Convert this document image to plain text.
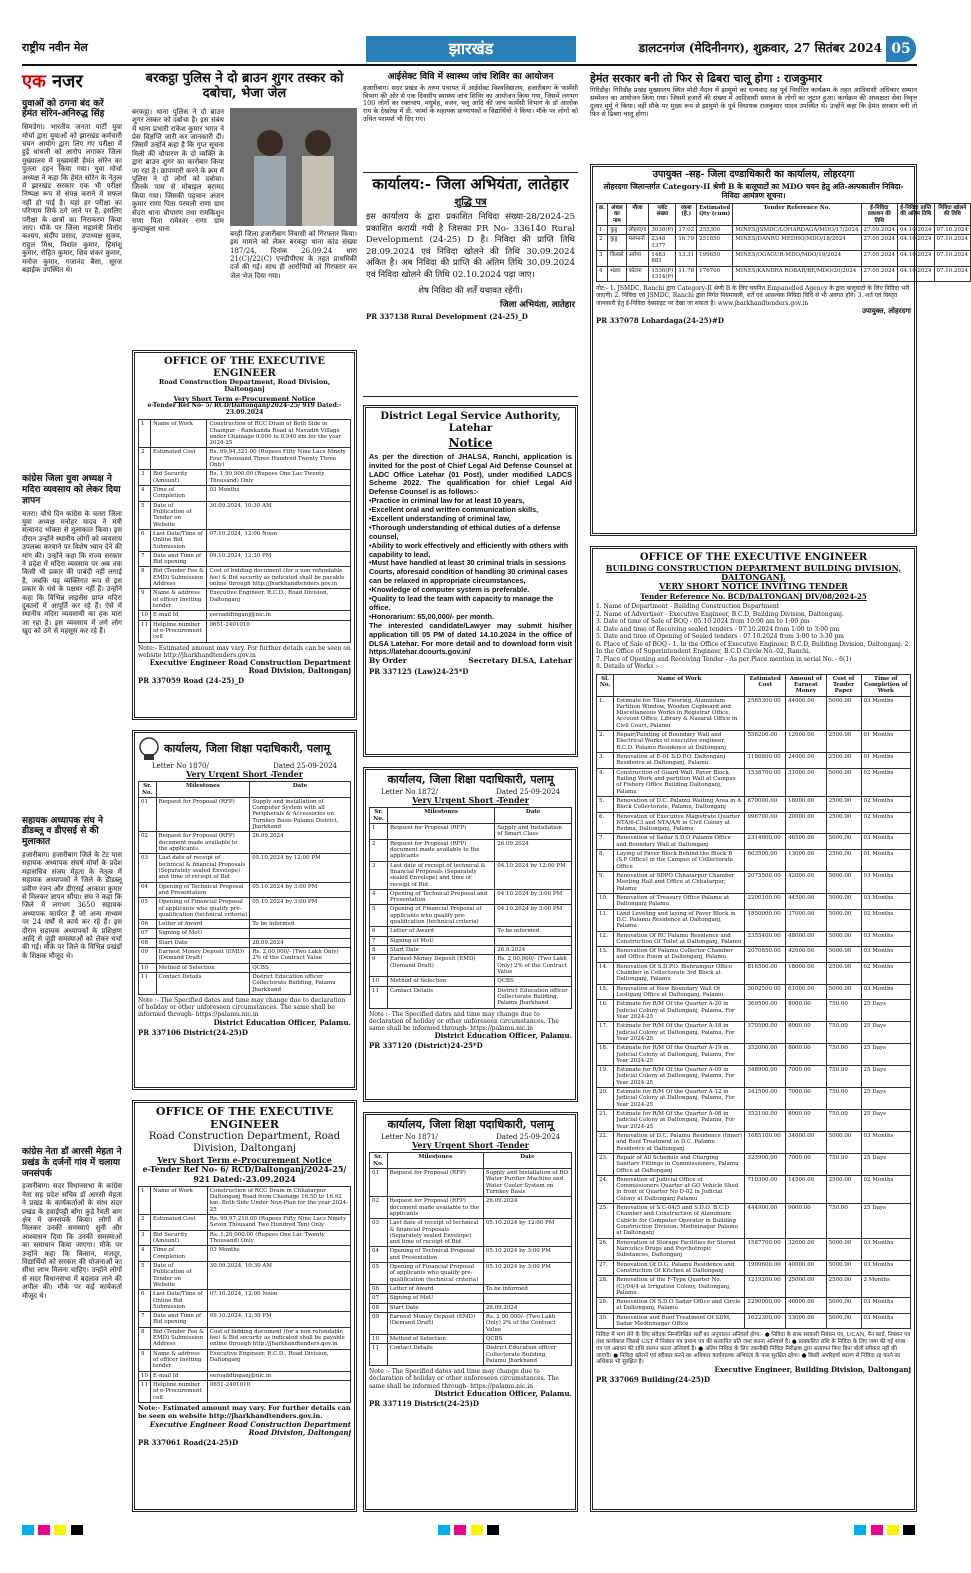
राष्ट्रीय नवीन मेल	झारखंड	डालटनगंज (मेदिनीनगर), शुक्रवार, 27 सितंबर 2024 05
एक नजर
युवाओं को ठगना बंद करें हेमंत सोरेन-अनिरुद्ध सिंह
सिमडेगा। भारतीय जनता पार्टी युवा मोर्चा द्वारा युवाओं को झारखंड कर्मचारी चयन आयोग द्वारा लिए गए परीक्षा में हुई धांधली को आरोप लगाकर जिला मुख्यालय में मुख्यमंत्री हेमंत सोरेन का पुतला दहन किया गया। युवा मोर्चा अध्यक्ष ने कहा कि हेमंत सोरेन के नेतृत्व में झारखंड सरकार एक भी परीक्षा निष्पक्ष रूप से संपन्न कराने में सफल नहीं हो पाई है। यहां हर परीक्षा का परिणाम सिर्फ ठगे जाने पर है, इसलिए परीक्षा के छात्रों का निराकरण किया जाए। मौके पर जिला महामंत्री विनोद कश्यप, संदीप प्रसाद, उपाध्यक्ष सुजय, राहुल मिश्र, निशांत कुमार, हिमांशु कुमार, रोहित कुमार, शिव शंकर कुमार, मनोज कुमार, गजानंद बैसा, सूरज बड़ाईक उपस्थित थे।
कांग्रेस जिला युवा अध्यक्ष ने मदिरा व्यवसाय को लेकर दिया ज्ञापन
चतरा। चौथे दिन कांग्रेस के चतरा जिला युवा अध्यक्ष मनोहर यादव ने मंत्री सत्यानंद भोक्ता से मुलाकात किया। इस दौरान उन्होंने स्थानीय लोगों को व्यवसाय उपलब्ध करवाने पर विशेष ध्यान देने की मांग की। उन्होंने कहा कि राज्य सरकार ने प्रदेश में मदिरा व्यवसाय पर अब तक किसी भी प्रकार की पाबंदी नहीं लगाई है, जबकि यह व्यक्तिगत रूप से इस प्रकार के धंधे के पक्षधर नहीं हैं। उन्होंने कहा कि विभिन्न लाइसेंस प्राप्त मदिरा दुकानों में आपूर्ति कर रहे हैं। ऐसे में स्थानीय मदिरा व्यवसायी का हक मारा जा रहा है। इस व्यवसाय में लगे लोग खुद को ठगे से महसूस कर रहे हैं।
सहायक अध्यापक संघ ने डीडब्लू व डीएसई से की मुलाकात
हजारीबाग। हजारीबाग जिले के टेट पास सहायक अध्यापक संघर्ष मोर्चा के प्रदेश महासचिव संजय मेहता के नेतृत्व में सहायक अध्यापकों ने जिले के डीडब्लू प्रवीण रंजन और डीएसई आकाश कुमार से मिलकर ज्ञापन सौंपा। संघ ने कहा कि जिले में लगभग 3650 सहायक अध्यापक कार्यरत हैं जो अन्य माध्यम पर 24 वर्षों से कार्य कर रहे हैं। इस दौरान सहायक अध्यापकों के प्रशिक्षण आदि से जुड़ी समस्याओं को लेकर चर्चा की गई। मौके पर जिले के विभिन्न प्रखंडों के शिक्षक मौजूद थे।
कांग्रेस नेता डॉ आरसी मेहता ने प्रखंड के दर्जनों गांव में चलाया जनसंपर्क
हजारीबाग। सदर विधानसभा के कांग्रेस नेता सह प्रदेश सचिव डॉ आरसी मेहता ने प्रखंड के कार्यकर्ताओं के साथ सदर प्रखंड के हवाईपट्टी बोंगा कुंडे रैयती बाग क्षेत्र में जनसंपर्क किया। लोगों से मिलकर उनकी समस्याएं सुनी और आश्वासन दिया कि उनकी समस्याओं का समाधान किया जाएगा। मौके पर उन्होंने कहा कि किसान, मजदूर, विद्यार्थियों को सरकार की योजनाओं का सीधा लाभ मिलना चाहिए। उन्होंने लोगों से सदर विधानसभा में बदलाव लाने की अपील की। मौके पर कई कार्यकर्ता मौजूद थे।
बरकट्ठा पुलिस ने दो ब्राउन शुगर तस्कर को दबोचा, भेजा जेल
बरकट्ठा। थाना पुलिस ने दो ब्राउन शुगर तस्कर को दबोचा है। इस संबंध में थाना प्रभारी राकेश कुमार भगत ने प्रेस विज्ञप्ति जारी कर जानकारी दी। जिसमें उन्होंने कहा है कि गुप्त सूचना मिली की चौपारण के दो व्यक्ति के द्वारा ब्राउन शुगर का कारोबार किया जा रहा है। छापामारी करने के क्रम में पुलिस ने दो लोगों को दबोचा। जिनके पास से मोबाइल बरामद किया गया। जिसकी पहचान अंजन कुमार राणा पिता परमली राणा ग्राम सेंदरा थाना चौपारण तथा रामकिशुन राणा पिता रामेश्वर राणा ग्राम कुन्दाबुला थाना
बरही जिला हजारीबाग निवासी को गिरफ्तार किया। इस मामले को लेकर बरकट्ठा थाना कांड संख्या 187/24, दिनांक 26.09.24 धारा 21(C)/22(C) एनडीपीएस के तहत प्राथमिकी दर्ज की गई। साथ ही आरोपियों को गिरफ्तार कर जेल भेज दिया गया।
OFFICE OF THE EXECUTIVE ENGINEER
Road Construction Department, Road Division, Daltonganj
Very Short Term e-Procurement Notice
e-Tender Ref No- 5/ RCD/Daltonganj/2024-25/ 919 Dated:- 23.09.2024
1	Name of Work	Construction of RCC Drain of Both Side in Chainpur - Ramkanda Road at Navadih Village under Chainage 0.000 to 0.940 km for the year 2024-25
2	Estimated Cost	Rs. 99,94,321.00 (Rupees Fifty Nine Lacs Ninety Four Thousand Three Hundred Twenty Three Only)
3	Bid Security (Amount)	Rs. 1,99,900.00 (Rupees One Lac Twenty Thousand) Only
4	Time of Completion	03 Months
5	Date of Publication of Tender on Website	30.09.2024, 10:30 AM
6	Last Date/Time of Online Bid Submission	07.10.2024, 12:00 Noon
7	Date and Time of Bid opening	09.10.2024, 12:30 PM
8	Bid (Tender Fee & EMD) Submission Address	Cost of bidding document (for a non refundable fee) & Bid security as indicated shall be payable online through http://jharkhandtenders.gov.in
9	Name & address of officer Inviting tender	Executive Engineer, R.C.D., Road Division, Daltonganj
10	E-mail Id	eeroaddtnganj@nic.in
11	Helpline number of e-Procurement cell	0651-2401010
Note:- Estimated amount may vary. For further details can be seen on website http://jharkhandtenders.gov.in
Executive Engineer Road Construction Department Road Division, Daltonganj
PR 337059 Road (24-25)_D
कार्यालय, जिला शिक्षा पदाधिकारी, पलामू
Letter No 1870/	Dated 25-09-2024
Very Urgent Short -Tender
Sr. No.	Milestones	Date
01	Request for Proposal (RFP)	Supply and installation of Computer System with all Peripherals & Accessories on Turnkey Basis Palamu District, Jharkhand
02	Request for Proposal (RFP) document made available to the applicants	26.09.2024
03	Last date of receipt of technical & financial Proposals (Separately sealed Envelope) and time of receipt of Bid	05.10.2024 by 12:00 PM
04	Opening of Technical Proposal and Presentation	05.10.2024 by 3:00 PM
05	Opening of Financial Proposal of applicants who qualify pre-qualification (technical criteria)	05.10.2024 by 3:00 PM
06	Letter of Award	To be informed
07	Signing of MoU	
08	Start Date	28.09.2024
09	Earnest Money Deposit (EMD) (Demand Draft)	Rs. 2,00,000/- (Two Lakh Only) 2% of the Contract Value
10	Method of Selection	QCBS
11	Contact Details	District Education officer Collectorate Building, Palamu Jharkhand
Note :- The Specified dates and time may change due to declaration of holiday or other unforeseen circumstances. The same shall be informed through- https://palamu.nic.in
District Education Officer, Palamu.
PR 337106 District(24-25)D
OFFICE OF THE EXECUTIVE ENGINEER
Road Construction Department, Road Division, Daltonganj
Very Short Term e-Procurement Notice
e-Tender Ref No- 6/ RCD/Daltonganj/2024-25/ 921 Dated:-23.09.2024
1	Name of Work	Construction of RCC Drain in Chhatarpur Daltonganj Road from Chainage 16.50 to 16.92 km. Both Side Under Non-Plan for the year 2024-25
2	Estimated Cost	Rs. 99,97,210.00 (Rupees Fifty Nine Lacs Ninety Seven Thousand Two Hundred Ten) Only
3	Bid Security (Amount)	Rs. 1,20,000.00 (Rupees One Lac Twenty Thousand) Only
4	Time of Completion	03 Months
5	Date of Publication of Tender on Website	30.09.2024, 10:30 AM
6	Last Date/Time of Online Bid Submission	07.10.2024, 12:00 Noon
7	Date and Time of Bid opening	09.10.2024, 12:30 PM
8	Bid (Tender Fee & EMD) Submission Address	Cost of bidding document (for a non refundable fee) & Bid security as indicated shall be payable online through http://jharkhandtenders.gov.in
9	Name & address of officer Inviting tender	Executive Engineer, R.C.D., Road Division, Daltonganj
10	E-mail Id	eeroaddtnganj@nic.in
11	Helpline number of e-Procurement cell	0651-2401010
Note:- Estimated amount may vary. For further details can be seen on website http://jharkhandtenders.gov.in.
Executive Engineer Road Construction Department Road Division, Daltonganj
PR 337061 Road(24-25)D
आईसेक्ट विवि में स्वास्थ्य जांच शिविर का आयोजन
हजारीबाग। सदर प्रखंड के तरुम पंचायत में आईसेक्ट विश्वविद्यालय, हजारीबाग के फार्मेसी विभाग की ओर से एक दिवसीय स्वास्थ्य जांच शिविर का आयोजन किया गया, जिसमें लगभग 100 लोगों का रक्तचाप, मधुमेह, वजन, फ्लू आदि की जांच फार्मेसी विभाग के डॉ आलोक राय के देखरेख में डी. फार्मा के सहायक प्राध्यापकों व विद्यार्थियों ने किया। मौके पर लोगों को उचित परामर्श भी दिए गए।
कार्यालय:- जिला अभियंता, लातेहार
शुद्धि पत्र
इस कार्यालय के द्वारा प्रकाशित निविदा संख्या-28/2024-25 प्रकाशित करायी गयी है जिसका PR No- 336140 Rural Development (24-25) D है। निविदा की प्राप्ति तिथि 28.09.2024 एवं निविदा खोलने की तिथि 30.09.2024 अंकित है। अब निविदा की प्राप्ति की अंतिम तिथि 30.09.2024 एवं निविदा खोलने की तिथि 02.10.2024 पढ़ा जाए।
शेष निविदा की शर्तें यथावत रहेंगी।
जिला अभियंता, लातेहार
PR 337138 Rural Development (24-25)_D
District Legal Service Authority, Latehar
Notice
As per the direction of JHALSA, Ranchi, application is invited for the post of Chief Legal Aid Defense Counsel at LADC Office Latehar (01 Post), under modified LADCS Scheme 2022. The qualification for chief Legal Aid Defense Counsel is as follows:-
•Practice in criminal law for at least 10 years,
•Excellent oral and written communication skills,
•Excellent understanding of criminal law,
•Thorough understanding of ethical duties of a defense counsel,
•Ability to work effectively and efficiently with others with capability to lead,
•Must have handled at least 30 criminal trials in sessions Courts, aforesaid condition of handling 30 criminal cases can be relaxed in appropriate circumstances,
•Knowledge of computer system is preferable.
•Quality to lead the team with capacity to manage the office.
•Honorarium: 65,00,000/- per month.
The interested candidate/Lawyer may submit his/her application till 05 PM of dated 14.10.2024 in the office of DLSA Latehar. For more detail and to download form visit https://latehar.dcourts.gov.in/
By Order	Secretary DLSA, Latehar
PR 337125 (Law)24-25*D
कार्यालय, जिला शिक्षा पदाधिकारी, पलामू
Letter No 1872/	Dated 25-09-2024
Very Urgent Short -Tender
Sr. No.	Milestones	Date
1	Request for Proposal (RFP)	Supply and Installation of Smart Class
2	Request for Proposal (RFP) document made available to the applicants	26.09.2024
3	Last date of receipt of technical & financial Proposals (Separately sealed Envelope) and time of receipt of Bid	04.10.2024 by 12:00 PM
4	Opening of Technical Proposal and Presentation	04.10.2024 by 3:00 PM
5	Opening of Financial Proposal of applicants who qualify pre-qualification (technical criteria)	04.10.2024 by 3:00 PM
6	Letter of Award	To be informed
7	Signing of MoU	
8	Start Date	26.9.2024
9	Earnest Money Deposit (EMD) (Demand Draft)	Rs. 2,00,000/- (Two Lakh Only) 2% of the Contract Value
10	Method of Selection	QCBS
11	Contact Details	District Education officer Collectorate Building, Palamu Jharkhand
Note :- The Specified dates and time may change due to declaration of holiday or other unforeseen circumstances. The same shall be informed through- https://palamu.nic.in
District Education Officer, Palamu.
PR 337120 (District)24-25*D
कार्यालय, जिला शिक्षा पदाधिकारी, पलामू
Letter No 1871/	Dated 25-09-2024
Very Urgent Short -Tender
Sr. No.	Milestones	Date
01	Request for Proposal (RFP)	Supply and Installation of RO Water Purifier Machine and Water Cooler System on Turnkey Basis
02	Request for Proposal (RFP) document made available to the applicants	26.09.2024
03	Last date of receipt of technical & financial Proposals (Separately sealed Envelope) and time of receipt of Bid	05.10.2024 by 12:00 PM
04	Opening of Technical Proposal and Presentation	05.10.2024 by 3:00 PM
05	Opening of Financial Proposal of applicants who qualify pre-qualification (technical criteria)	05.10.2024 by 3:00 PM
06	Letter of Award	To be informed
07	Signing of MoU	
08	Start Date	26.09.2024
09	Earnest Money Deposit (EMD) (Demand Draft)	Rs. 2,00,000/- (Two Lakh Only) 2% of the Contract Value
10	Method of Selection	QCBS
11	Contact Details	District Education officer Collectorate Building, Palamu Jharkhand
Note :- The Specified dates and time may change due to declaration of holiday or other unforeseen circumstances. The same shall be informed through- https://palamu.nic.in
District Education Officer, Palamu.
PR 337119 District(24-25)D
हेमंत सरकार बनी तो फिर से ढिबरा चालू होगा : राजकुमार
गिरिडीह। गिरिडीह प्रखंड मुख्यालय स्थित मोदी मैदान में झामुमो का धन्यवाद सह पूर्व निर्धारित कार्यक्रम के तहत आदिवासी अधिकार सम्मान सम्मेलन का आयोजन किया गया। जिसमें हजारों की संख्या में आदिवासी समाज के लोगों का जुटान हुआ। कार्यक्रम की अध्यक्षता सेवा निवृत्त दुलार मुर्मू ने किया। वहीं मौके पर मुख्य रूप से झामुमो के पूर्व विधायक राजकुमार यादव उपस्थित थे। उन्होंने कहा कि हेमंत सरकार बनी तो फिर से ढिबरा चालू होगा।
उपायुक्त -सह- जिला दण्डाधिकारी का कार्यालय, लोहरदगा
लोहरदगा जिलान्तर्गत Category-II श्रेणी B के बालूघाटों का MDO चयन हेतु अति-अल्पकालीन निविदा- निविदा आमंत्रण सूचना।
क्र.	अंचल का नाम	मौजा	प्लॉट संख्या	रकबा (हे.)	Estimated Qty (cum)	Tender Reference No.	ई-निविदा प्रकाशन की तिथि	ई-निविदा प्राप्ति की अंतिम तिथि	निविदा खोलने की तिथि
1	कुडु	लोहरदगा	3038(P)	17.02	255300	MINES/JSMDC/LOHARDAGA/MDO/17/2024	27.09.2024	04.10.2024	07.10.2024
2	कुडु	मसमानो	2348 1377	16.79	251850	MINES/DANRU MEDHO/MDO/18/2024	27.09.2024	04.10.2024	07.10.2024
3	किस्को	आरेया	1483 881	13.31	199650	MINES/OGAGUR-MDO/MDO/19/2024	27.09.2024	04.10.2024	07.10.2024
4	भंडरा	कोटमा	1536(P) 1314(P)	11.78	176700	MINES/KANDRA ROBAR/BE/MDO/20/2024	27.09.2024	04.10.2024	07.10.2024
नोट:- 1. JSMDC, Ranchi द्वारा Category-II श्रेणी B के लिए चयनित Empanelled Agency के द्वारा बालूघाटों के लिए निविदा भरी जाएगी। 2. निविदा एवं JSMDC, Ranchi द्वारा निर्गत नियमावली, शर्तें एवं आवश्यक निविदा विधि से भी अवगत होंगे। 3. शर्त एवं विस्तृत जानकारी हेतु ई-निविदा वेबसाइट पर देखा जा सकता है। www.jharkhandtenders.gov.in
उपायुक्त, लोहरदगा
PR 337078 Lohardaga(24-25)#D
OFFICE OF THE EXECUTIVE ENGINEER
BUILDING CONSTRUCTION DEPARTMENT BUILDING DIVISION, DALTONGANJ.
VERY SHORT NOTICE INVITING TENDER
Tender Reference No. BCD/DALTONGANJ DIV/08/2024-25
1. Name of Department - Building Construction Department
2. Name of Advertiser - Executive Engineer, B.C.D, Building Division, Daltonganj.
3. Date of time of Sale of BOQ - 05.10.2024 from 10:00 am to 1:00 pm
4. Date and time of Receiving sealed tenders - 07.10.2024 from 1:00 to 3:00 pm
5. Date and time of Opening of Sealed tenders - 07.10.2024 from 3:00 to 3:30 pm
6. Place of Sale of BOQ - 1. In the Office of Executive Engineer, B.C.D, Building Division, Daltonganj. 2. In the Office of Superintendent Engineer, B.C.D Circle No.-02, Ranchi.
7. Place of Opening and Receiving Tender - As per Place mention in serial No. - 6(1)
8. Details of Works :-
Sl. No.	Name of Work	Estimated Cost	Amount of Earnest Money	Cost of Tender Paper	Time of Completion of Work
1.	Estimate for Tiles Flooring, Aluminium Partition Window, Wooden Cupboard and Miscellaneous Works in Registrar Office, Account Office, Library & Nazarat Office in Civil Court, Palamu	2565300.00	44000.00	5000.00	03 Months
2.	Repair/Painting of Boundary Wall and Electrical Works of executive engineer, B.C.D. Palamu Residence at Daltonganj	556200.00	12000.00	2500.00	01 Months
3.	Renovation of E-01 S.D.P.O. Daltonganj Residence at Daltonganj, Palamu	1186800.00	24000.00	2500.00	01 Months
4.	Construction of Guard Wall, Paver Block, Railing Work and partition Wall at Campus of Fishery Office Building Daltonganj, Palamu	1538700.00	31000.00	5000.00	02 Months
5.	Renovation of D.C. Palamu Waiting Area in A Block Collectorate, Palamu, Daltonganj	870000.00	18000.00	2500.00	02 Months
6.	Renovation of Executive Magistrate Quarter NTA/6-C3 and NTA/A/6 in Civil Colony at Redma, Daltonganj, Palamu	996700.00	20000.00	2500.00	02 Months
7.	Renovation of Sadar S.D.O Palamu Office and Boundary Wall at Daltonganj	2314600.00	46500.00	5000.00	03 Months
8.	Laying of Paver Block Behind the Block B (S.P Office) in the Campus of Collectorate Office	603500.00	13000.00	2500.00	01 Months
9.	Renovation of SDPO Chhatarpur Chamber Meeting Hall and Office at Chhatarpur, Palamu	2075500.00	42000.00	5000.00	03 Months
10.	Renovation of Treasury Office Palamu at Daltonganj Palamu	2200100.00	44500.00	5000.00	03 Months
11.	Land Leveling and laying of Paver Block in D.C. Palamu Residence at Daltonganj, Palamu	1850000.00	37000.00	5000.00	02 Months
12.	Renovation Of RC Palamu Residence and Construction Of Toilet at Daltonganj, Palamu	2355400.00	48000.00	5000.00	03 Months
13.	Renovation Of Palamu Collector Chamber and Office Room at Daltonganj, Palamu	2070850.00	42000.00	5000.00	03 Months
14.	Renovation Of S.D.P.O. Bishrampur Office Chamber in Collectorate 3rd Block at Daltonganj, Palamu	816500.00	18000.00	2500.00	02 Months
15.	Renovation of New Boundary Wall Of Lesliganj Office at Daltonganj, Palamu	3002500.00	61000.00	5000.00	03 Months
16.	Estimate for R/M Of the Quarter A-20 in Judicial Colony at Daltonganj, Palamu, For Year 2024-25	369500.00	8000.00	750.00	25 Days
17.	Estimate for R/M Of the Quarter A-18 in Judicial Colony at Daltonganj, Palamu, For Year 2024-25	370500.00	8000.00	750.00	25 Days
18.	Estimate for R/M Of the Quarter A-19 in Judicial Colony at Daltonganj, Palamu, For Year 2024-25	352000.00	8000.00	750.00	25 Days
19.	Estimate for R/M Of the Quarter A-09 in Judicial Colony at Daltonganj, Palamu, For Year 2024-25	348900.00	7000.00	750.00	25 Days
20.	Estimate for R/M Of the Quarter A-12 in Judicial Colony at Daltonganj, Palamu, For Year 2024-25	341500.00	7000.00	750.00	25 Days
21.	Estimate for R/M Of the Quarter A-08 in Judicial Colony at Daltonganj, Palamu, For Year 2024-25	352100.00	8000.00	750.00	25 Days
22.	Renovation of D.C. Palamu Residence (Inner) and Roof Treatment in D.C. Palamu Residence at Daltonganj	1685100.00	34000.00	5000.00	03 Months
23.	Repair of All Schedule and Charging Sanitary Fittings in Commissioners, Palamu Office at Daltonganj	323900.00	7000.00	750.00	25 Days
24.	Renovation of Judicial Office of Commissioners Quarter at GO Vehicle Shed in front of Quarter No D-02 in Judicial Colony at Daltonganj Palamu	710300.00	14500.00	2500.00	02 Months
25.	Renovation of S.C-04/5 and S.D.O. B.C.D Chamber and Construction of Aluminium Cubicle for Computer Operator in Building Construction Division, Medininagar Palamu at Daltonganj	444900.00	9000.00	750.00	25 Days
26.	Renovation of Storage Facilities for Stored Narcotics Drugs and Psychotropic Substances, Daltonganj	1587700.00	32000.00	5000.00	03 Months
27.	Renovation Of D.G. Palamu Residence and Construction Of Kitchen at Daltonganj	1999600.00	40000.00	5000.00	03 Months
28.	Renovation of the F-Type Quarter No. (C)/04/4 at Irrigation Colony, Daltonganj, Palamu	1219200.00	25000.00	2500.00	2 Months
29.	Renovation Of S.D.O Sadar Office and Circle at Daltonganj, Palamu	2290000.00	46000.00	5000.00	03 Months
30.	Renovation and Roof Treatment Of SDM, Sadar Medininagar Office	1622300.00	33000.00	5000.00	03 Months
निविदा में भाग लेने के लिए संवेदक निम्नलिखित शर्तों का अनुपालन अनिवार्य होगा:- ● निविदा के साथ सरकारी निबंधन पत्र, UCAN, पैन कार्ड, निबंधन पत्र तथा कार्यकाल जिससे GST में निबंधन पत्र प्रमाण पत्र की सत्यापित प्रति जमा करना अनिवार्य है। ● प्राक्कलित राशि के निविदा के लिए जमा की गई शपथ पत्र एवं अग्रधन की राशि संलग्न करना अनिवार्य है। ● अंतिम निविदा के लिए तकनीकी निविदा निरीक्षक द्वारा सत्यापन किए बिना बोली स्वीकार नहीं की जाएगी। ● निविदा खोलने एवं स्वीकार करने का अधिकार कार्यपालक अभियंता के पास सुरक्षित रहेगा। ● किसी अपरिहार्य कारण से निविदा रद्द करने का अधिकार भी सुरक्षित है।
Executive Engineer, Building Division, Daltonganj
PR 337069 Building(24-25)D
